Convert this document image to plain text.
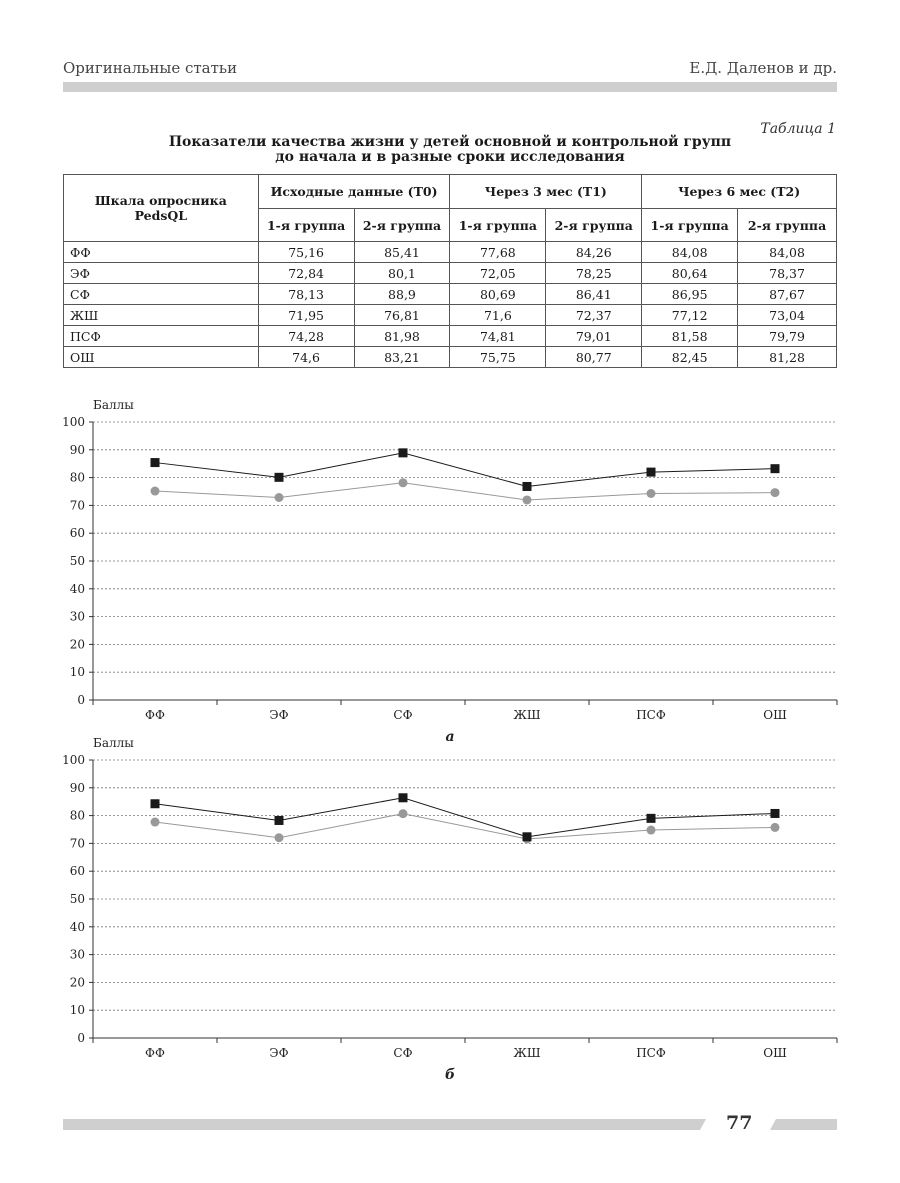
Оригинальные статьи	Е.Д. Даленов и др.
Таблица 1
Показатели качества жизни у детей основной и контрольной групп
до начала и в разные сроки исследования
Шкала опросника PedsQL	Исходные данные (T0)		Через 3 мес (T1)		Через 6 мес (T2)	
	1-я группа	2-я группа	1-я группа	2-я группа	1-я группа	2-я группа
ФФ	75,16	85,41	77,68	84,26	84,08	84,08
ЭФ	72,84	80,1	72,05	78,25	80,64	78,37
СФ	78,13	88,9	80,69	86,41	86,95	87,67
ЖШ	71,95	76,81	71,6	72,37	77,12	73,04
ПСФ	74,28	81,98	74,81	79,01	81,58	79,79
ОШ	74,6	83,21	75,75	80,77	82,45	81,28
Баллы
0
10
20
30
40
50
60
70
80
90
100
ФФ	ЭФ	СФ	ЖШ	ПСФ	ОШ
а
Баллы
0
10
20
30
40
50
60
70
80
90
100
ФФ	ЭФ	СФ	ЖШ	ПСФ	ОШ
б
77
